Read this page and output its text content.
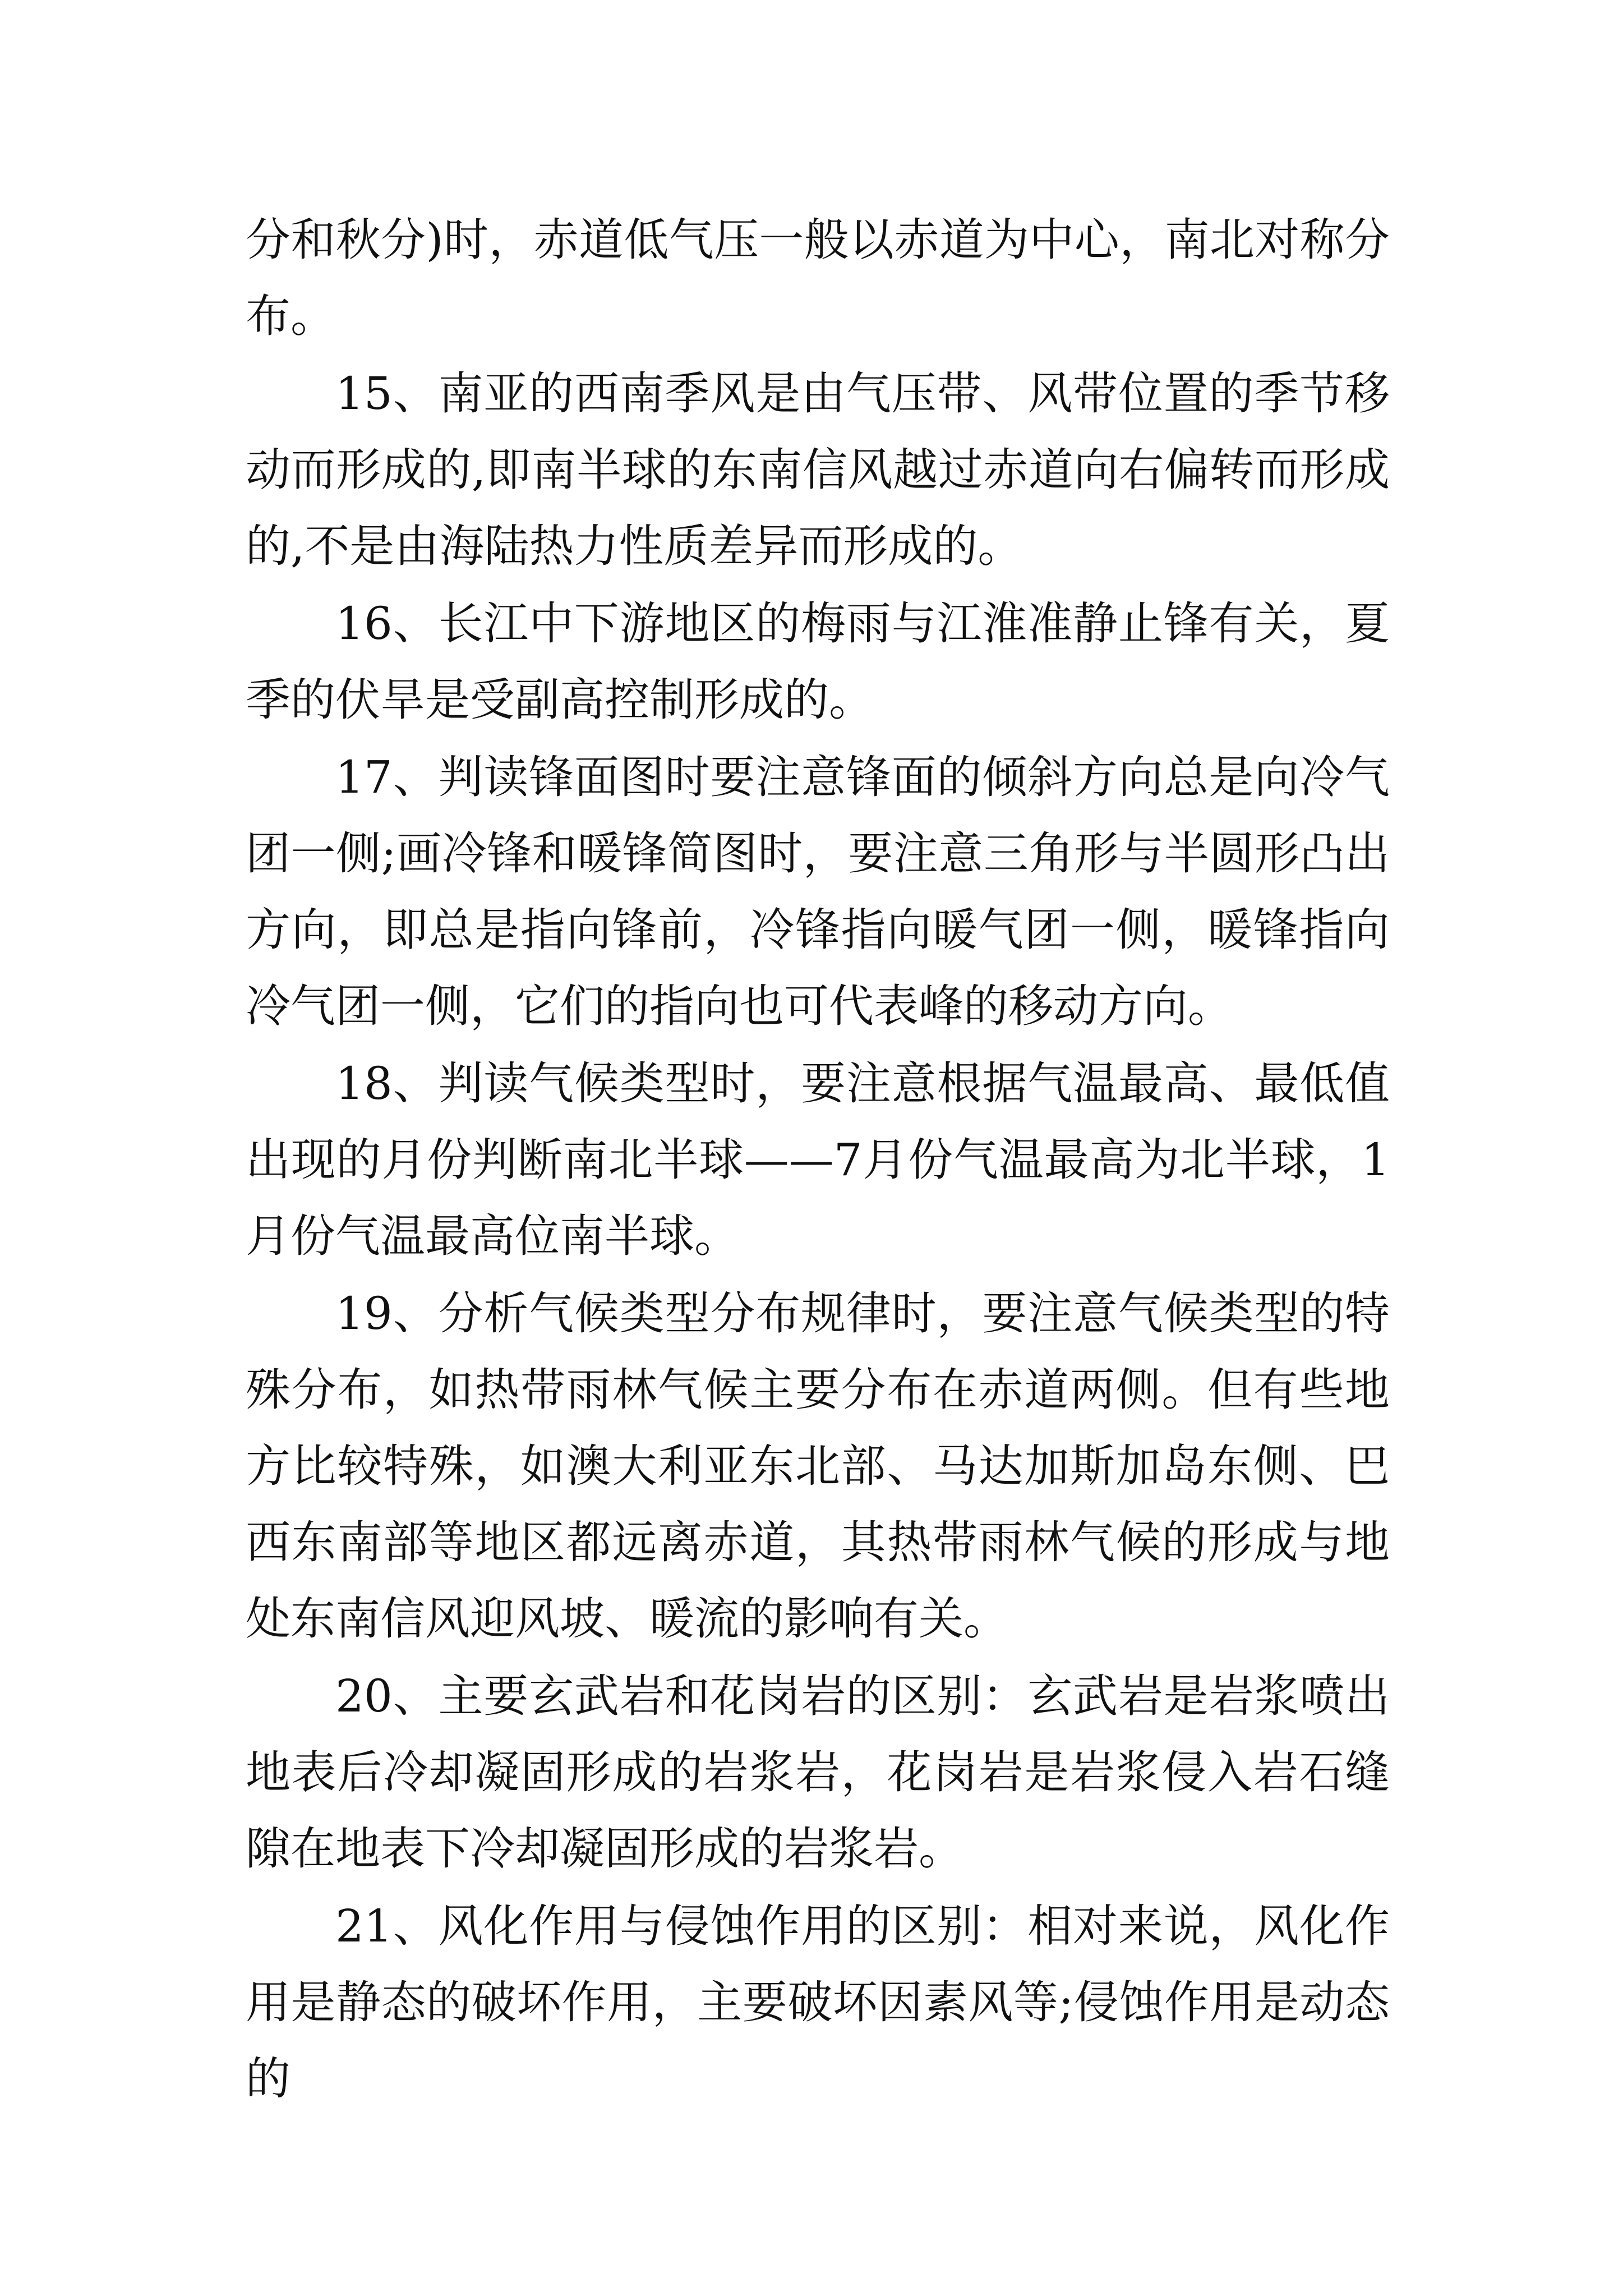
分和秋分)时，赤道低气压一般以赤道为中心，南北对称分布。

15、南亚的西南季风是由气压带、风带位置的季节移动而形成的,即南半球的东南信风越过赤道向右偏转而形成的,不是由海陆热力性质差异而形成的。

16、长江中下游地区的梅雨与江淮准静止锋有关，夏季的伏旱是受副高控制形成的。

17、判读锋面图时要注意锋面的倾斜方向总是向冷气团一侧;画冷锋和暖锋简图时，要注意三角形与半圆形凸出方向，即总是指向锋前，冷锋指向暖气团一侧，暖锋指向冷气团一侧，它们的指向也可代表峰的移动方向。

18、判读气候类型时，要注意根据气温最高、最低值出现的月份判断南北半球——7月份气温最高为北半球，1月份气温最高位南半球。

19、分析气候类型分布规律时，要注意气候类型的特殊分布，如热带雨林气候主要分布在赤道两侧。但有些地方比较特殊，如澳大利亚东北部、马达加斯加岛东侧、巴西东南部等地区都远离赤道，其热带雨林气候的形成与地处东南信风迎风坡、暖流的影响有关。

20、主要玄武岩和花岗岩的区别：玄武岩是岩浆喷出地表后冷却凝固形成的岩浆岩，花岗岩是岩浆侵入岩石缝隙在地表下冷却凝固形成的岩浆岩。

21、风化作用与侵蚀作用的区别：相对来说，风化作用是静态的破坏作用，主要破坏因素风等;侵蚀作用是动态的
